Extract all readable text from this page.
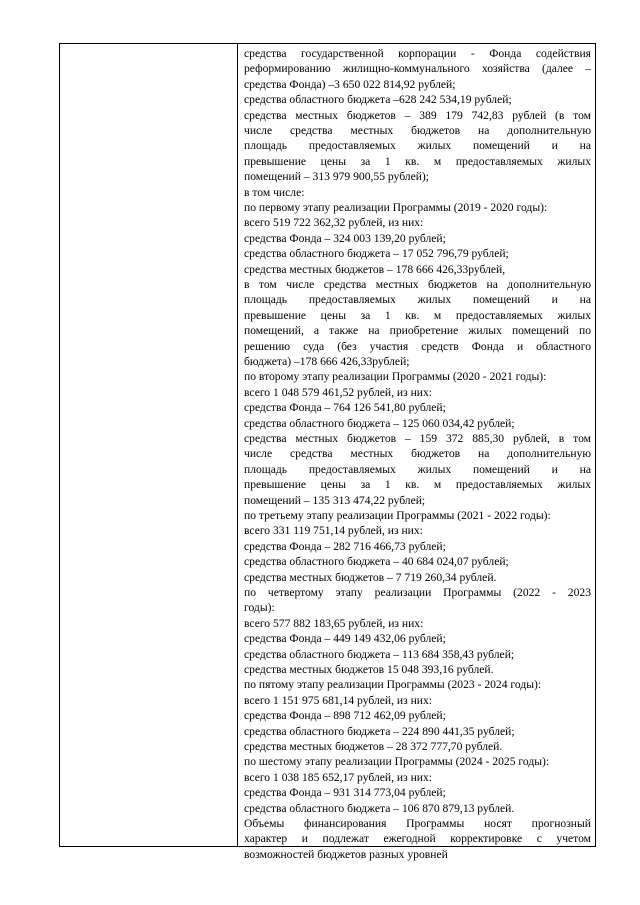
средства государственной корпорации - Фонда содействия
реформированию жилищно-коммунального хозяйства (далее –
средства Фонда) –3 650 022 814,92 рублей;
средства областного бюджета –628 242 534,19 рублей;
средства местных бюджетов – 389 179 742,83 рублей (в том
числе средства местных бюджетов на дополнительную
площадь предоставляемых жилых помещений и на
превышение цены за 1 кв. м предоставляемых жилых
помещений – 313 979 900,55 рублей);
в том числе:
по первому этапу реализации Программы (2019 - 2020 годы):
всего 519 722 362,32 рублей, из них:
средства Фонда – 324 003 139,20 рублей;
средства областного бюджета – 17 052 796,79 рублей;
средства местных бюджетов – 178 666 426,33рублей,
в том числе средства местных бюджетов на дополнительную
площадь предоставляемых жилых помещений и на
превышение цены за 1 кв. м предоставляемых жилых
помещений, а также на приобретение жилых помещений по
решению суда (без участия средств Фонда и областного
бюджета) –178 666 426,33рублей;
по второму этапу реализации Программы (2020 - 2021 годы):
всего 1 048 579 461,52 рублей, из них:
средства Фонда – 764 126 541,80 рублей;
средства областного бюджета – 125 060 034,42 рублей;
средства местных бюджетов – 159 372 885,30 рублей, в том
числе средства местных бюджетов на дополнительную
площадь предоставляемых жилых помещений и на
превышение цены за 1 кв. м предоставляемых жилых
помещений – 135 313 474,22 рублей;
по третьему этапу реализации Программы (2021 - 2022 годы):
всего 331 119 751,14 рублей, из них:
средства Фонда – 282 716 466,73 рублей;
средства областного бюджета – 40 684 024,07 рублей;
средства местных бюджетов – 7 719 260,34 рублей.
по четвертому этапу реализации Программы (2022 - 2023
годы):
всего 577 882 183,65 рублей, из них:
средства Фонда – 449 149 432,06 рублей;
средства областного бюджета – 113 684 358,43 рублей;
средства местных бюджетов 15 048 393,16 рублей.
по пятому этапу реализации Программы (2023 - 2024 годы):
всего 1 151 975 681,14 рублей, из них:
средства Фонда – 898 712 462,09 рублей;
средства областного бюджета – 224 890 441,35 рублей;
средства местных бюджетов – 28 372 777,70 рублей.
по шестому этапу реализации Программы (2024 - 2025 годы):
всего 1 038 185 652,17 рублей, из них:
средства Фонда – 931 314 773,04 рублей;
средства областного бюджета – 106 870 879,13 рублей.
Объемы финансирования Программы носят прогнозный
характер и подлежат ежегодной корректировке с учетом
возможностей бюджетов разных уровней
